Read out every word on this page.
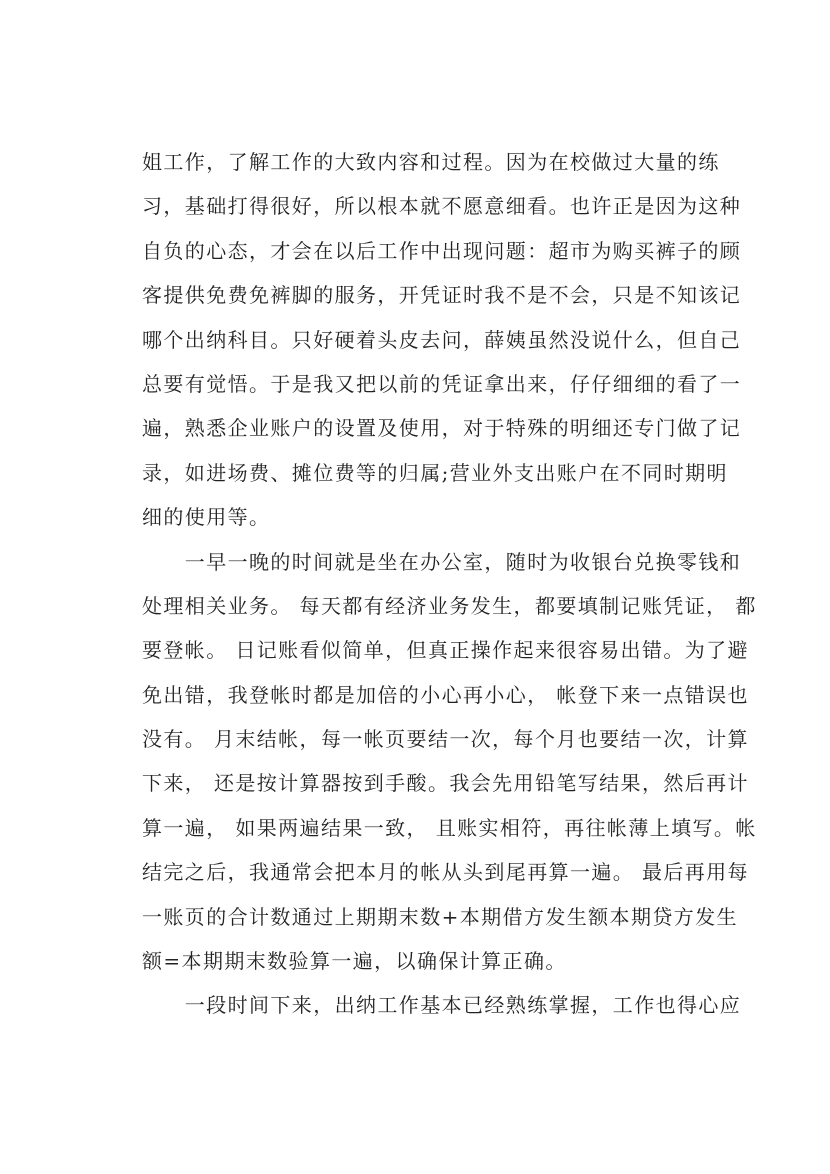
姐工作，了解工作的大致内容和过程。因为在校做过大量的练
习，基础打得很好，所以根本就不愿意细看。也许正是因为这种
自负的心态，才会在以后工作中出现问题：超市为购买裤子的顾
客提供免费免裤脚的服务，开凭证时我不是不会，只是不知该记
哪个出纳科目。只好硬着头皮去问，薛姨虽然没说什么，但自己
总要有觉悟。于是我又把以前的凭证拿出来，仔仔细细的看了一
遍，熟悉企业账户的设置及使用，对于特殊的明细还专门做了记
录，如进场费、摊位费等的归属;营业外支出账户在不同时期明
细的使用等。
　　一早一晚的时间就是坐在办公室，随时为收银台兑换零钱和
处理相关业务。 每天都有经济业务发生，都要填制记账凭证， 都
要登帐。 日记账看似简单，但真正操作起来很容易出错。为了避
免出错，我登帐时都是加倍的小心再小心， 帐登下来一点错误也
没有。 月末结帐，每一帐页要结一次，每个月也要结一次，计算
下来， 还是按计算器按到手酸。我会先用铅笔写结果，然后再计
算一遍， 如果两遍结果一致， 且账实相符，再往帐薄上填写。帐
结完之后，我通常会把本月的帐从头到尾再算一遍。 最后再用每
一账页的合计数通过上期期末数+本期借方发生额本期贷方发生
额=本期期末数验算一遍，以确保计算正确。
　　一段时间下来，出纳工作基本已经熟练掌握，工作也得心应
